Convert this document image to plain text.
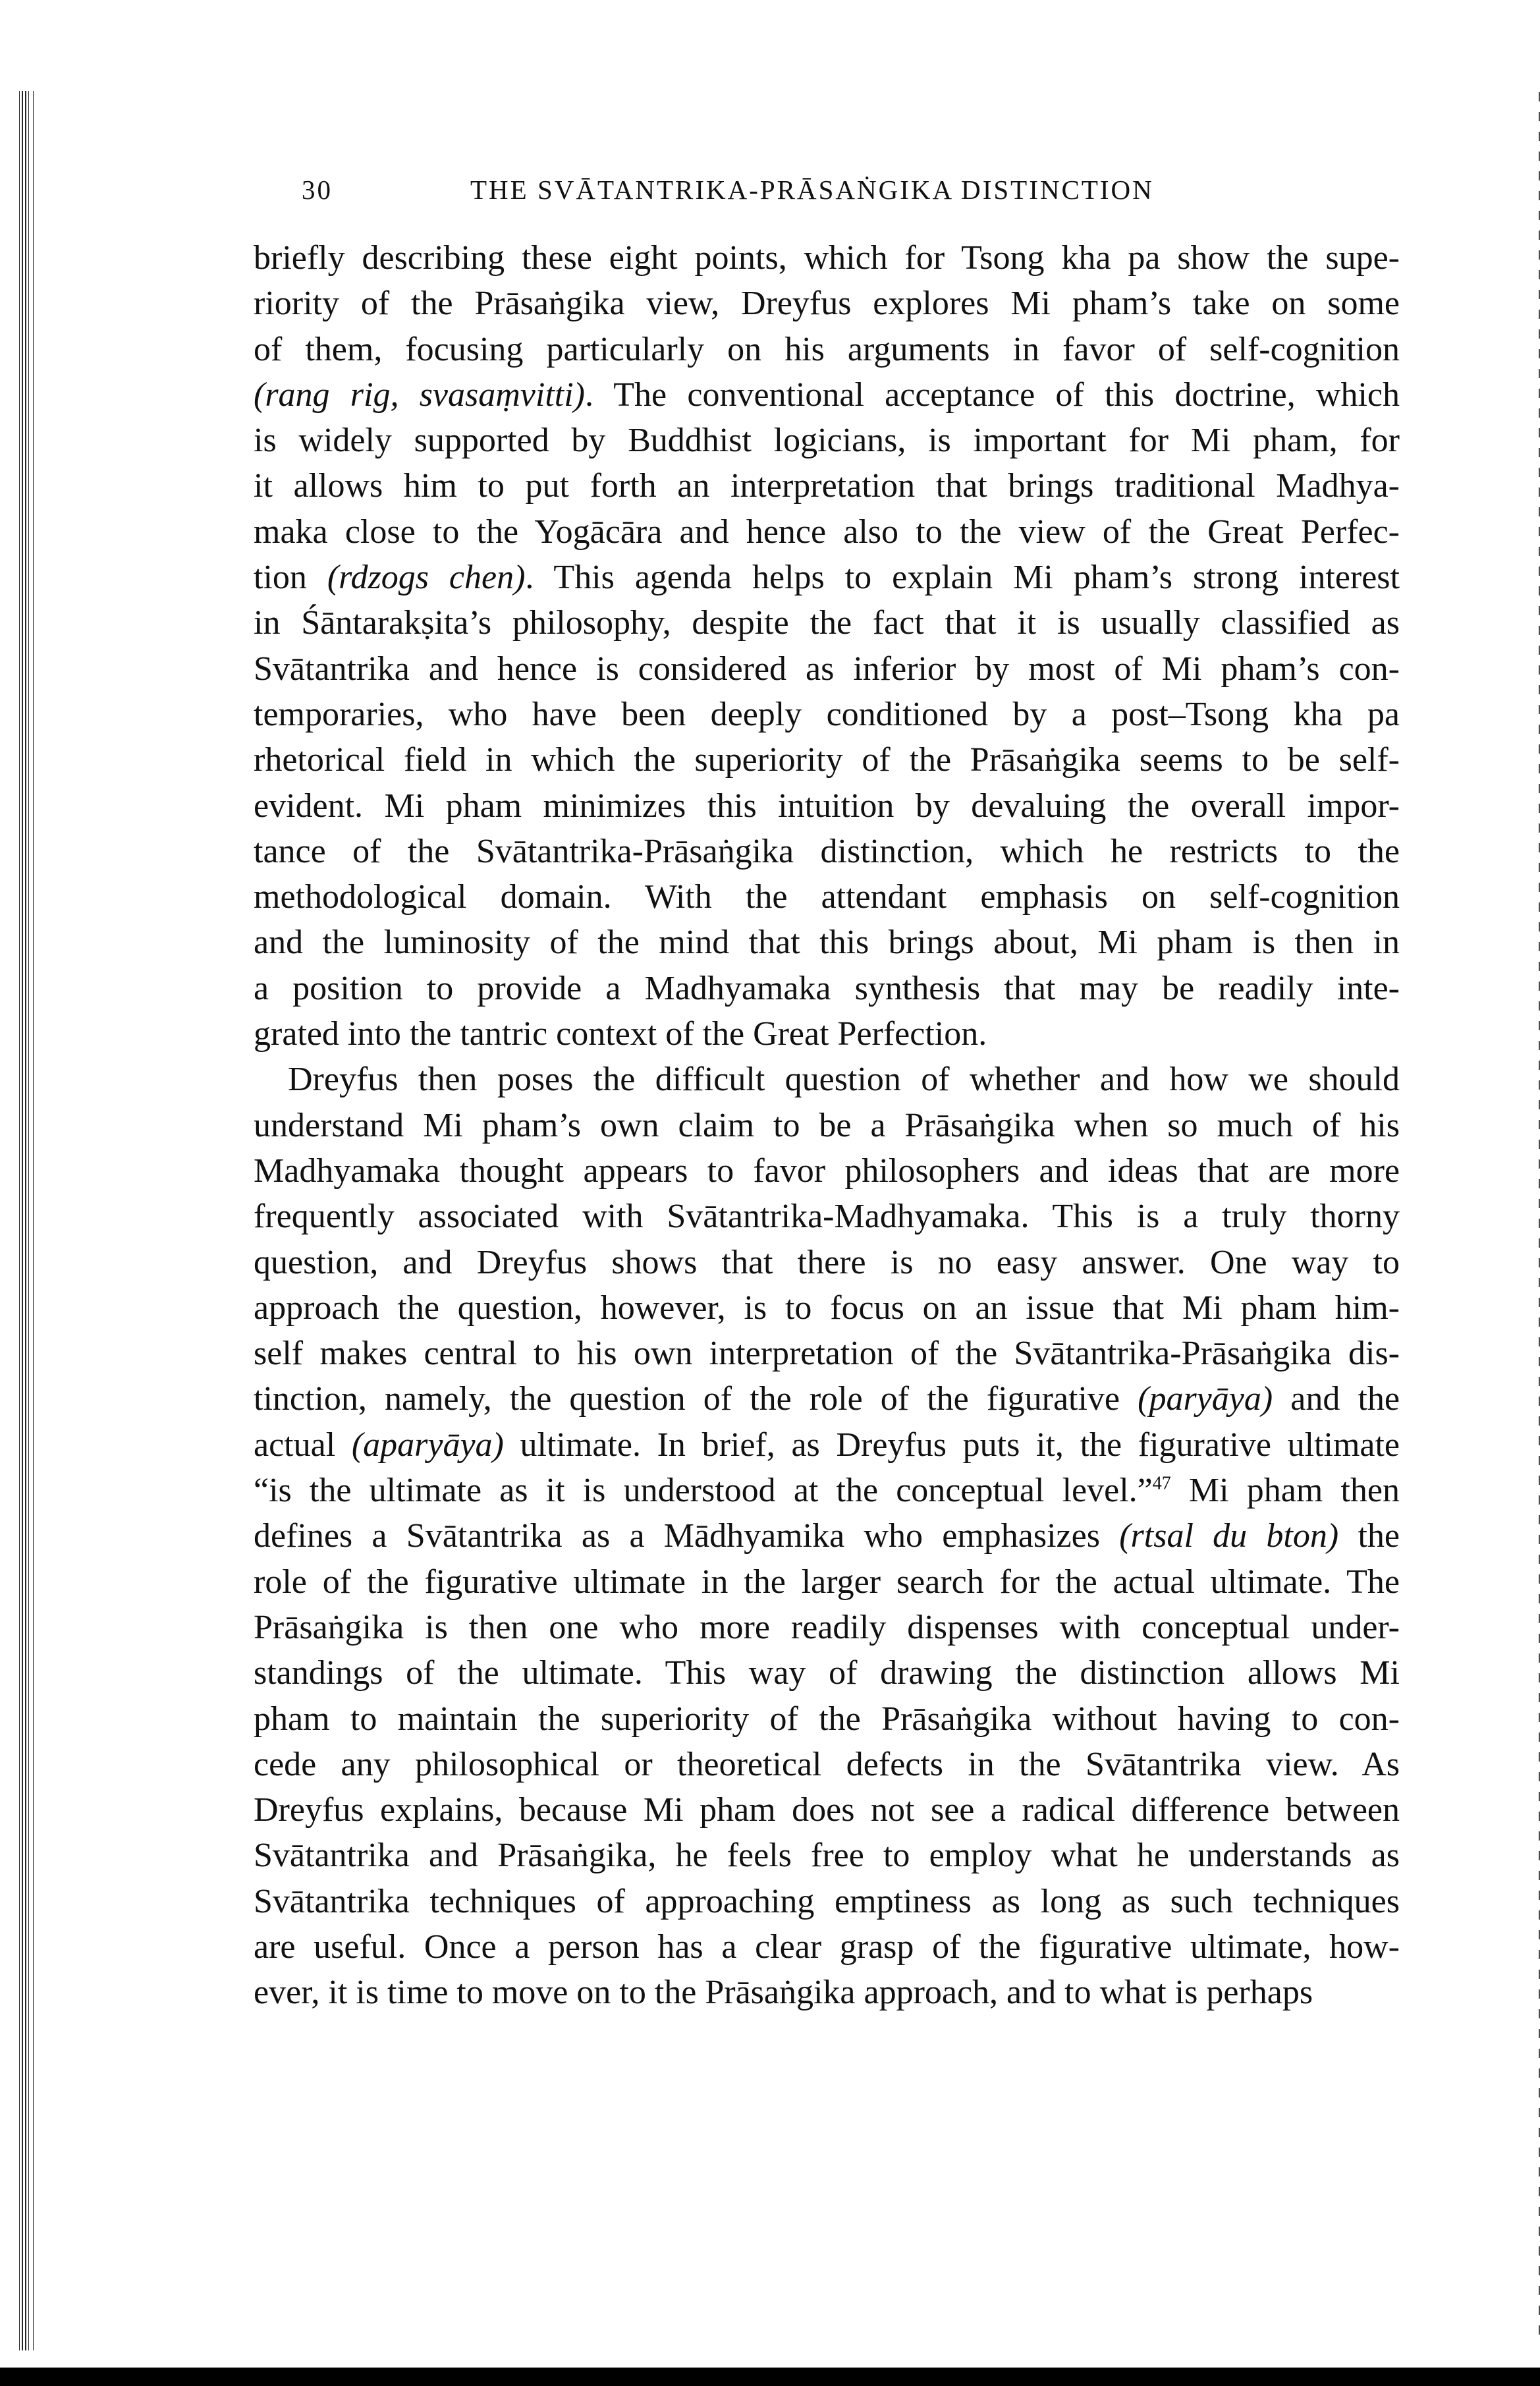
30	THE SVĀTANTRIKA-PRĀSAṄGIKA DISTINCTION
briefly describing these eight points, which for Tsong kha pa show the supe-
riority of the Prāsaṅgika view, Dreyfus explores Mi pham’s take on some
of them, focusing particularly on his arguments in favor of self-cognition
(rang rig, svasaṃvitti). The conventional acceptance of this doctrine, which
is widely supported by Buddhist logicians, is important for Mi pham, for
it allows him to put forth an interpretation that brings traditional Madhya-
maka close to the Yogācāra and hence also to the view of the Great Perfec-
tion (rdzogs chen). This agenda helps to explain Mi pham’s strong interest
in Śāntarakṣita’s philosophy, despite the fact that it is usually classified as
Svātantrika and hence is considered as inferior by most of Mi pham’s con-
temporaries, who have been deeply conditioned by a post–Tsong kha pa
rhetorical field in which the superiority of the Prāsaṅgika seems to be self-
evident. Mi pham minimizes this intuition by devaluing the overall impor-
tance of the Svātantrika-Prāsaṅgika distinction, which he restricts to the
methodological domain. With the attendant emphasis on self-cognition
and the luminosity of the mind that this brings about, Mi pham is then in
a position to provide a Madhyamaka synthesis that may be readily inte-
grated into the tantric context of the Great Perfection.
Dreyfus then poses the difficult question of whether and how we should
understand Mi pham’s own claim to be a Prāsaṅgika when so much of his
Madhyamaka thought appears to favor philosophers and ideas that are more
frequently associated with Svātantrika-Madhyamaka. This is a truly thorny
question, and Dreyfus shows that there is no easy answer. One way to
approach the question, however, is to focus on an issue that Mi pham him-
self makes central to his own interpretation of the Svātantrika-Prāsaṅgika dis-
tinction, namely, the question of the role of the figurative (paryāya) and the
actual (aparyāya) ultimate. In brief, as Dreyfus puts it, the figurative ultimate
“is the ultimate as it is understood at the conceptual level.”$^{47}$ Mi pham then
defines a Svātantrika as a Mādhyamika who emphasizes (rtsal du bton) the
role of the figurative ultimate in the larger search for the actual ultimate. The
Prāsaṅgika is then one who more readily dispenses with conceptual under-
standings of the ultimate. This way of drawing the distinction allows Mi
pham to maintain the superiority of the Prāsaṅgika without having to con-
cede any philosophical or theoretical defects in the Svātantrika view. As
Dreyfus explains, because Mi pham does not see a radical difference between
Svātantrika and Prāsaṅgika, he feels free to employ what he understands as
Svātantrika techniques of approaching emptiness as long as such techniques
are useful. Once a person has a clear grasp of the figurative ultimate, how-
ever, it is time to move on to the Prāsaṅgika approach, and to what is perhaps
